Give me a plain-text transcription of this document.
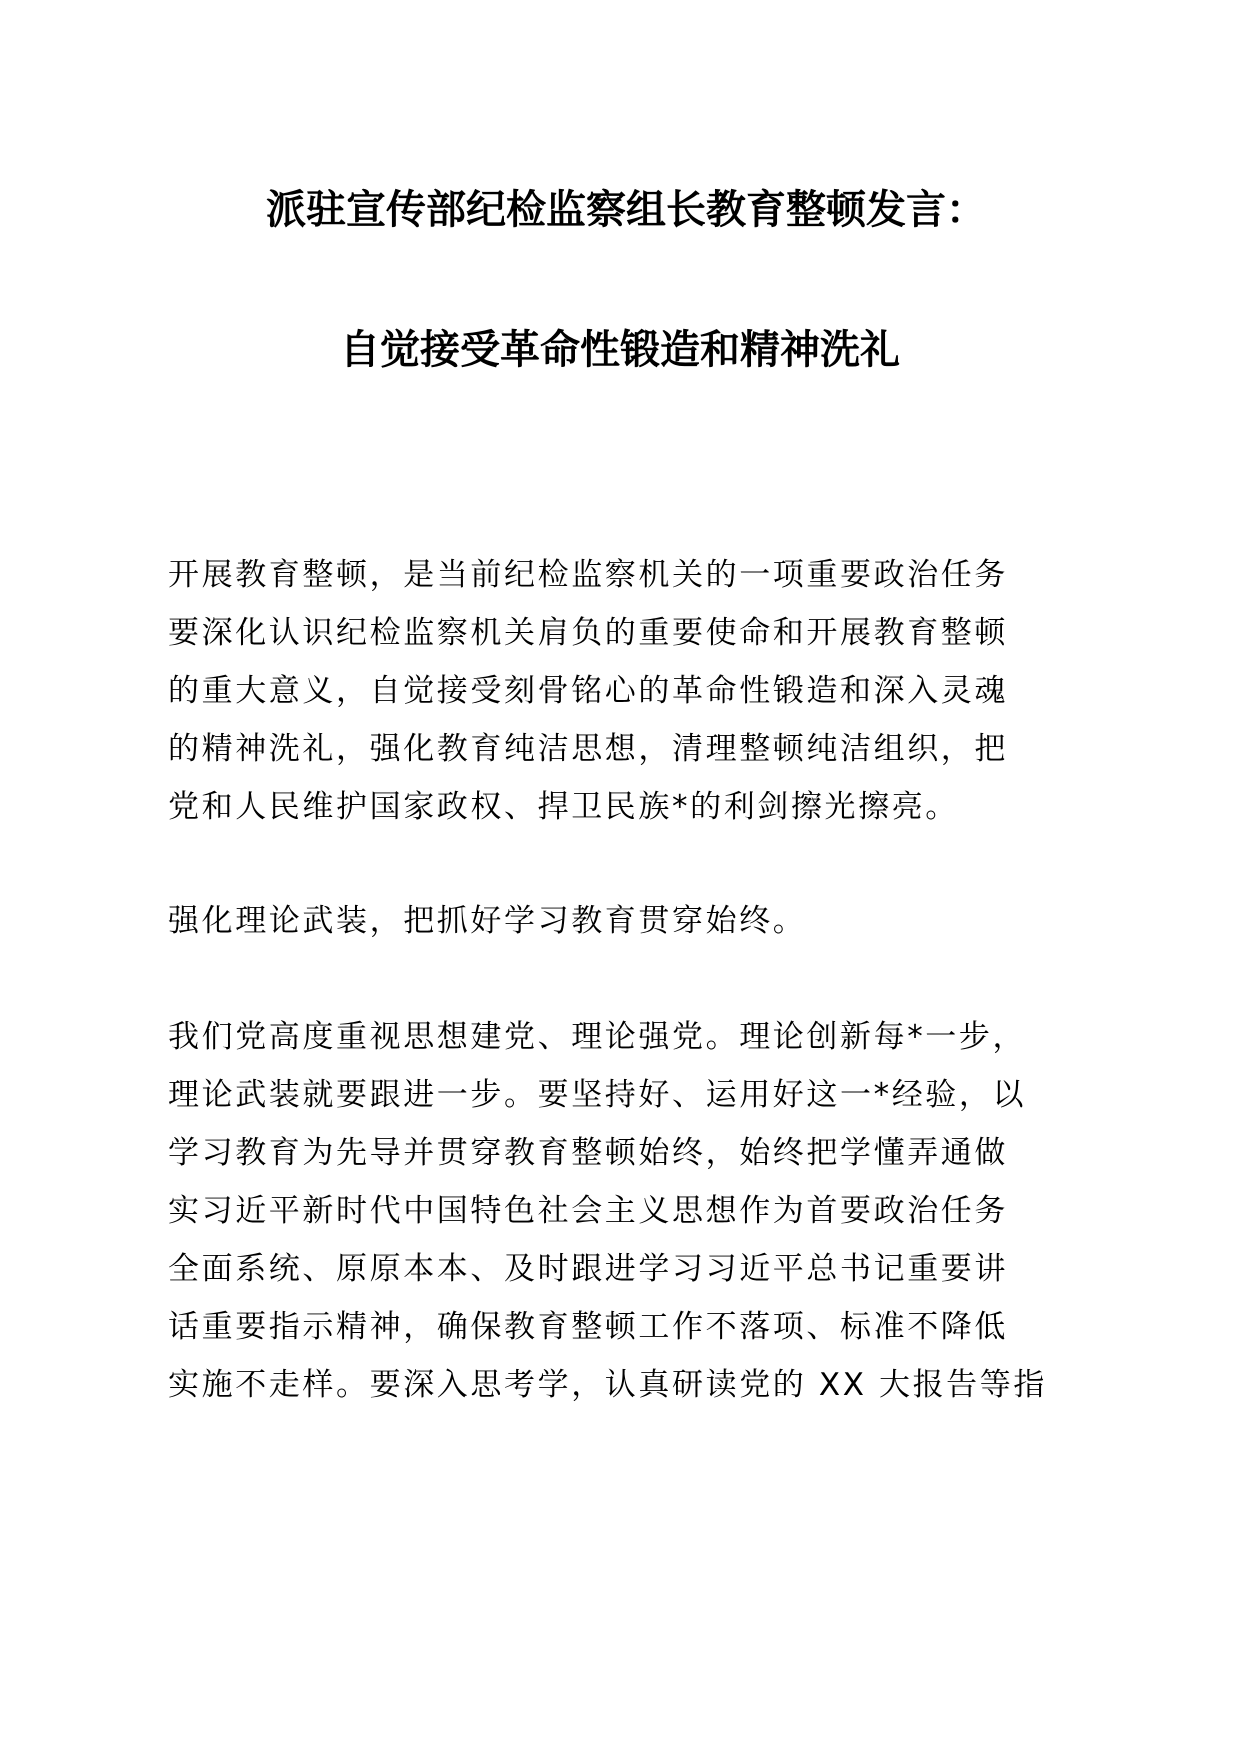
派驻宣传部纪检监察组长教育整顿发言：
自觉接受革命性锻造和精神洗礼
开展教育整顿，是当前纪检监察机关的一项重要政治任务
要深化认识纪检监察机关肩负的重要使命和开展教育整顿
的重大意义，自觉接受刻骨铭心的革命性锻造和深入灵魂
的精神洗礼，强化教育纯洁思想，清理整顿纯洁组织，把
党和人民维护国家政权、捍卫民族*的利剑擦光擦亮。
强化理论武装，把抓好学习教育贯穿始终。
我们党高度重视思想建党、理论强党。理论创新每*一步，
理论武装就要跟进一步。要坚持好、运用好这一*经验，以
学习教育为先导并贯穿教育整顿始终，始终把学懂弄通做
实习近平新时代中国特色社会主义思想作为首要政治任务
全面系统、原原本本、及时跟进学习习近平总书记重要讲
话重要指示精神，确保教育整顿工作不落项、标准不降低
实施不走样。要深入思考学，认真研读党的 XX 大报告等指
